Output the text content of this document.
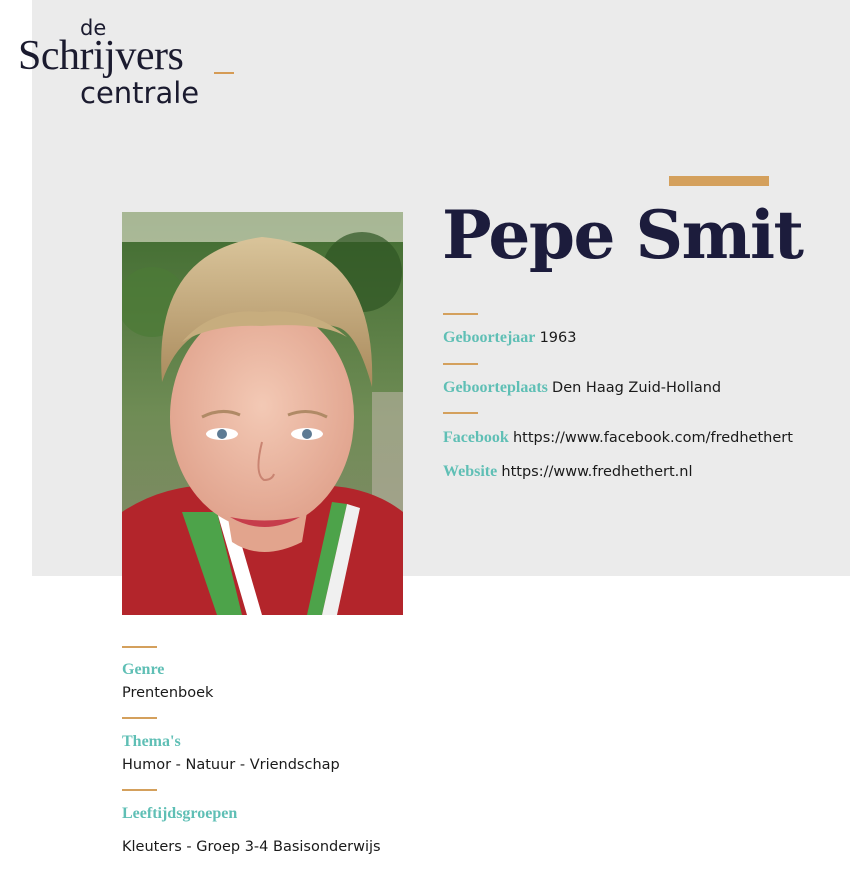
de
Schrijvers
centrale
Pepe Smit
Geboortejaar 1963
Geboorteplaats Den Haag Zuid-Holland
Facebook https://www.facebook.com/fredhethert
Website https://www.fredhethert.nl
Genre
Prentenboek
Thema's
Humor - Natuur - Vriendschap
Leeftijdsgroepen
Kleuters - Groep 3-4 Basisonderwijs
